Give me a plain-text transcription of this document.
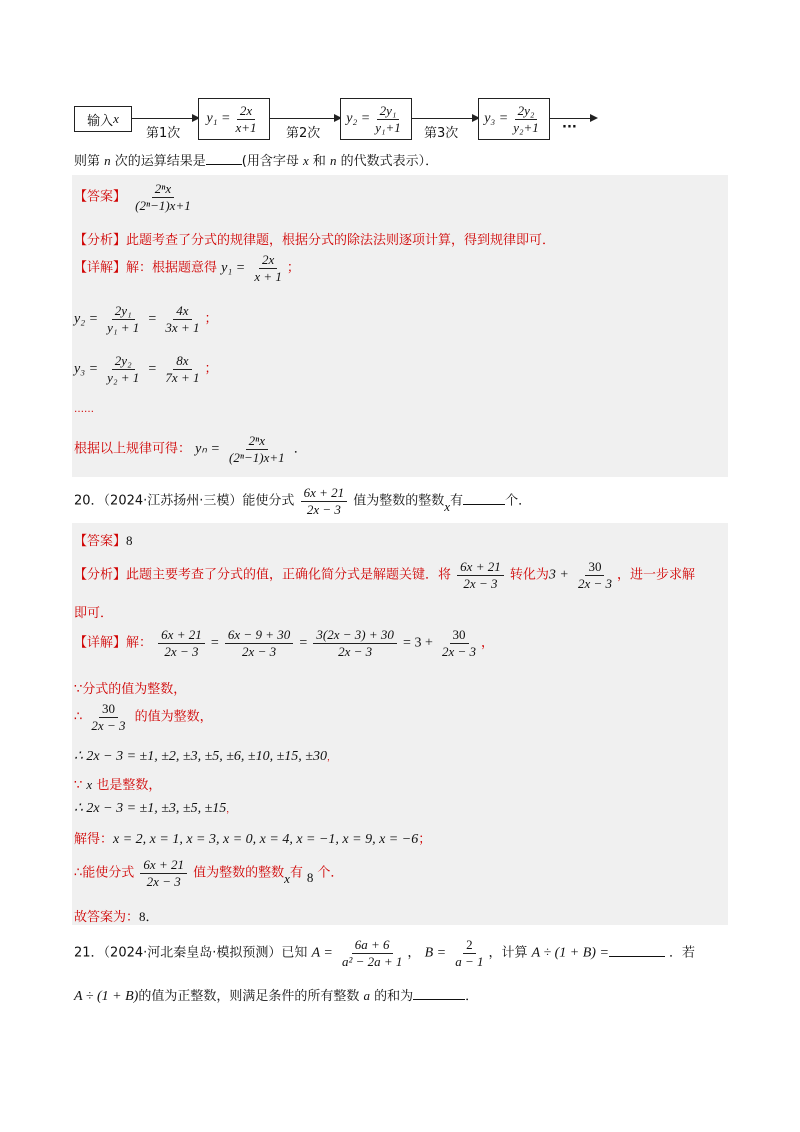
输入 x
第1次
$y_1 = \frac{2x}{x+1}$ 第2次
$y_2 = \frac{\text{2y₁}}{\text{y₁+1}}$ 第3次
$y_3 = \frac{\text{2y₂}}{\text{y₂+1}}$ ···
则第 n 次的运算结果是	(用含字母 x 和 n 的代数式表示）．
【答案】 $\frac{\text{2ⁿx}}{\text{(2ⁿ−1)x+1}}$
【分析】此题考查了分式的规律题，根据分式的除法法则逐项计算，得到规律即可．
【详解】解：根据题意得 $y_1 = \frac{2x}{x + 1}$ ；
$y_2 = \frac{\text{2y₁}}{\text{y₁ + 1}} = \frac{4x}{3x + 1}$ ；
$y_3 = \frac{\text{2y₂}}{\text{y₂ + 1}} = \frac{8x}{7x + 1}$ ；
……
根据以上规律可得： $y_n = \frac{\text{2ⁿx}}{\text{(2ⁿ−1)x+1}}$ ．
20．（2024·江苏扬州·三模）能使分式 $\frac{6x + 21}{2x - 3}$ 值为整数的整数x有	个．
【答案】8
【分析】此题主要考查了分式的值，正确化简分式是解题关键．将 $\frac{6x + 21}{2x - 3}$ 转化为$3 + \frac{30}{2x - 3}$ ，进一步求解
即可．
【详解】解： $\frac{6x + 21}{2x - 3} = \frac{6x - 9 + 30}{2x - 3} = \frac{3(2x - 3) + 30}{2x - 3} = 3 + \frac{30}{2x - 3}$ ，
∵分式的值为整数，
∴ $\frac{30}{2x - 3}$ 的值为整数，
∴ 2x − 3 = ±1, ±2, ±3, ±5, ±6, ±10, ±15, ±30，
∵ x 也是整数，
∴ 2x − 3 = ±1, ±3, ±5, ±15，
解得：x = 2, x = 1, x = 3, x = 0, x = 4, x = −1, x = 9, x = −6；
∴能使分式 $\frac{6x + 21}{2x - 3}$ 值为整数的整数x有 8 个．
故答案为：8．
21．（2024·河北秦皇岛·模拟预测）已知 $A = \frac{6a + 6}{\text{a² − 2a + 1}}$ ， $B = \frac{2}{a - 1}$ ，计算 A ÷ (1 + B) =	．若
A ÷ (1 + B)的值为正整数，则满足条件的所有整数 a 的和为	．
